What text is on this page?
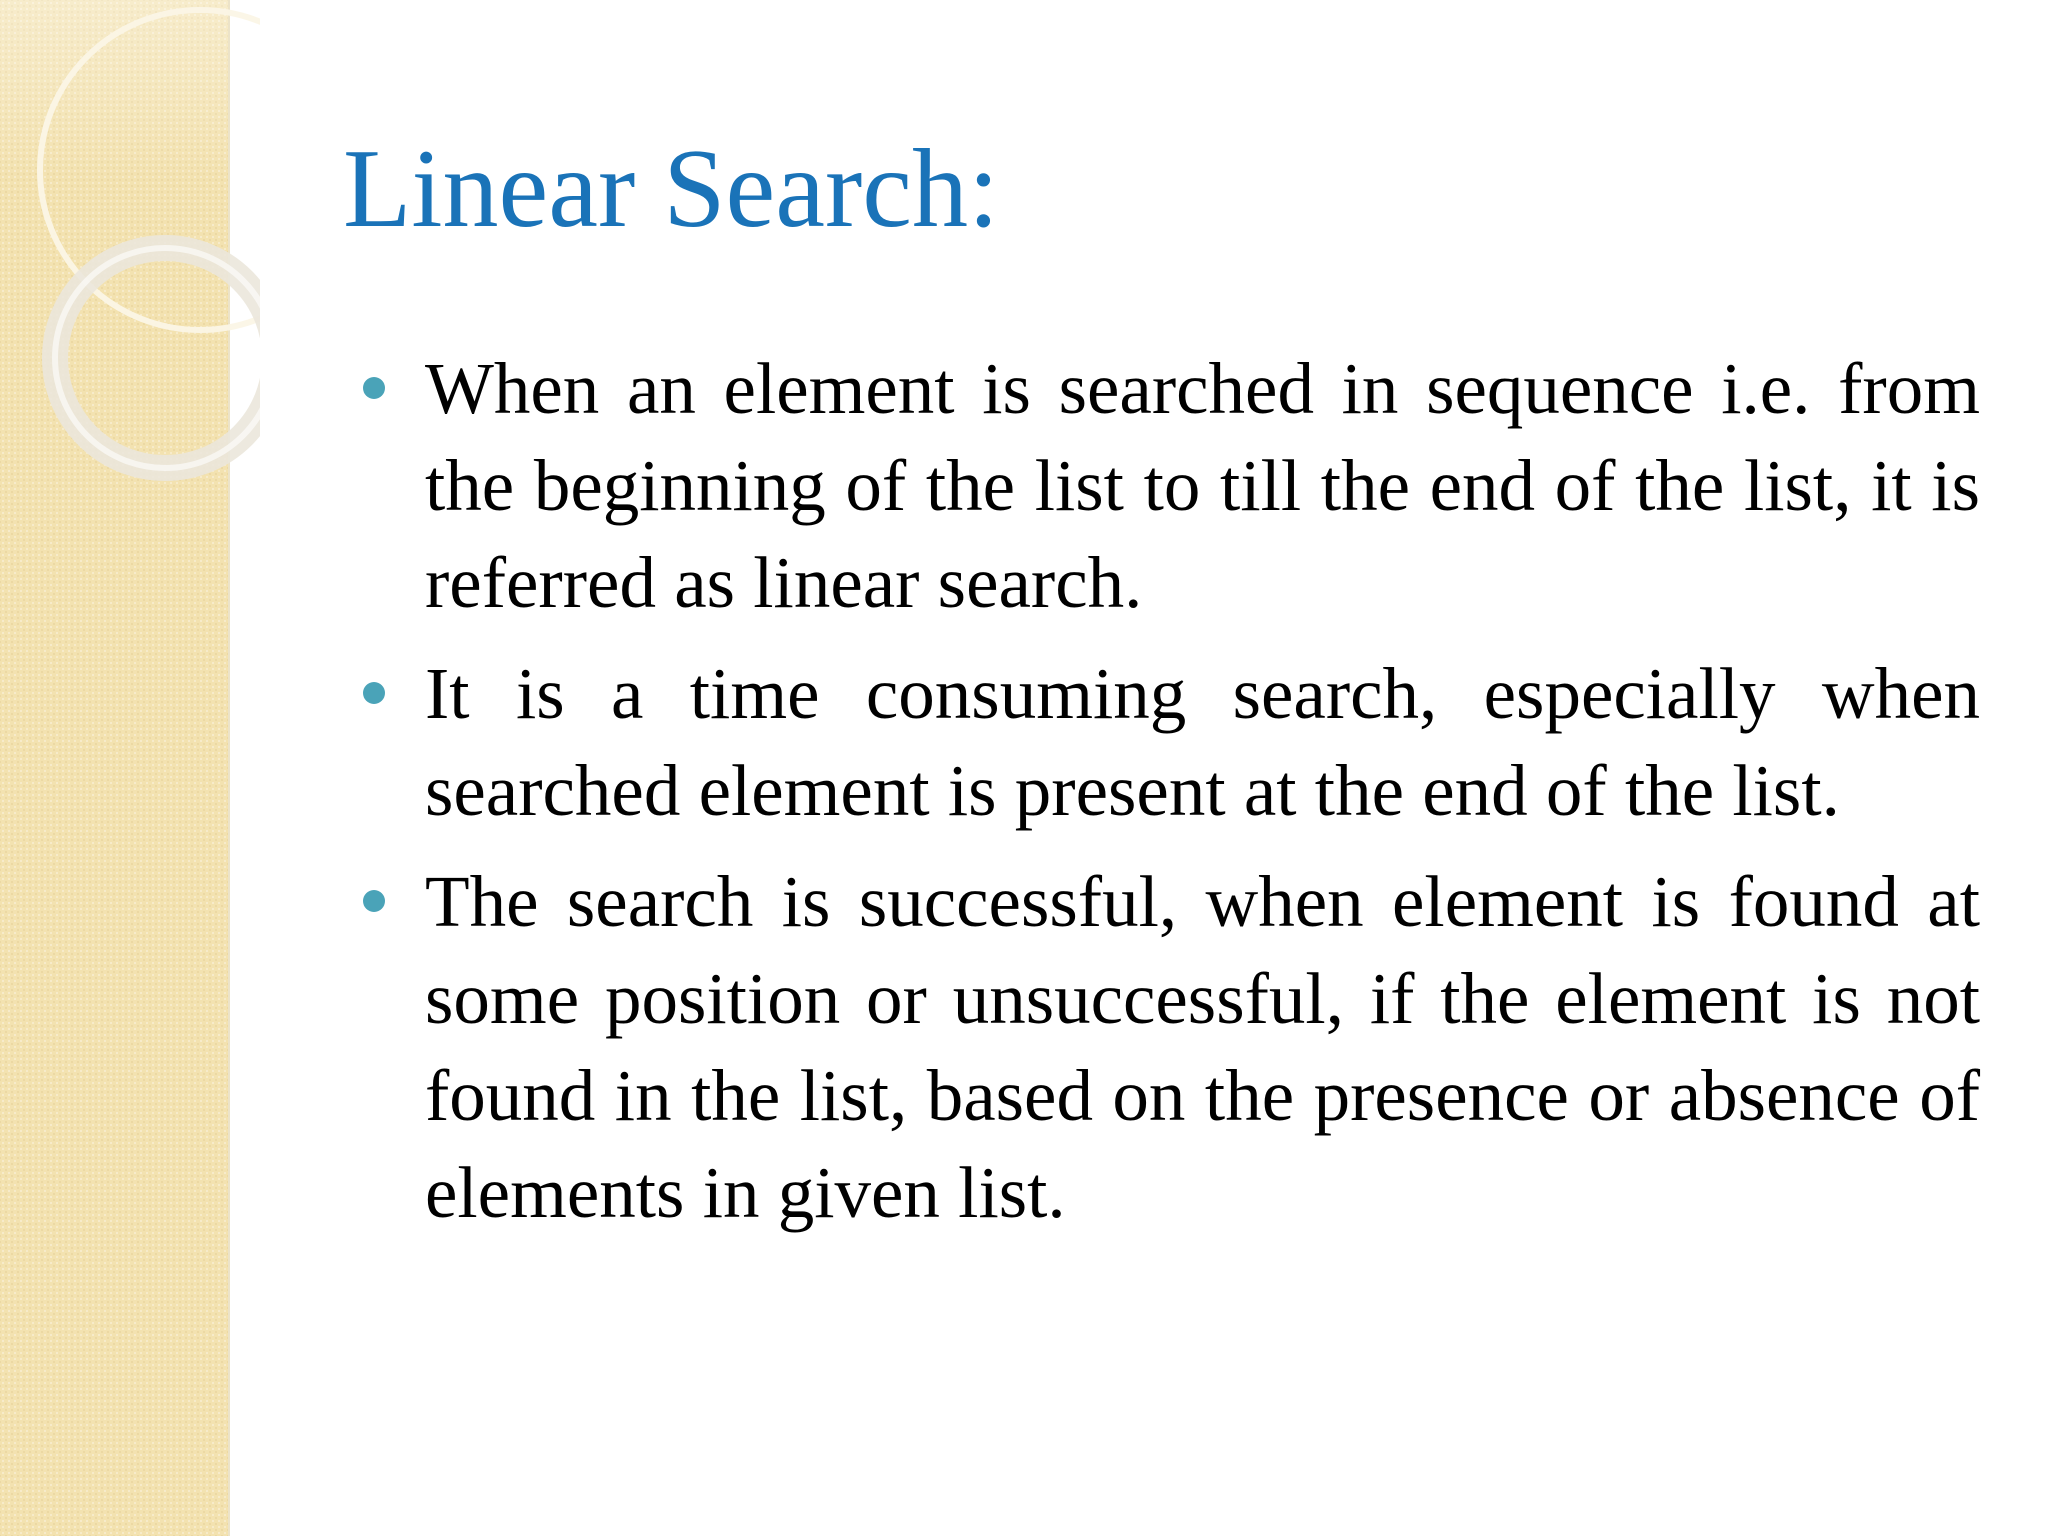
Linear Search:
When an element is searched in sequence i.e. from the beginning of the list to till the end of the list, it is referred as linear search.
It is a time consuming search, especially when searched element is present at the end of the list.
The search is successful, when element is found at some position or unsuccessful, if the element is not found in the list, based on the presence or absence of elements in given list.
